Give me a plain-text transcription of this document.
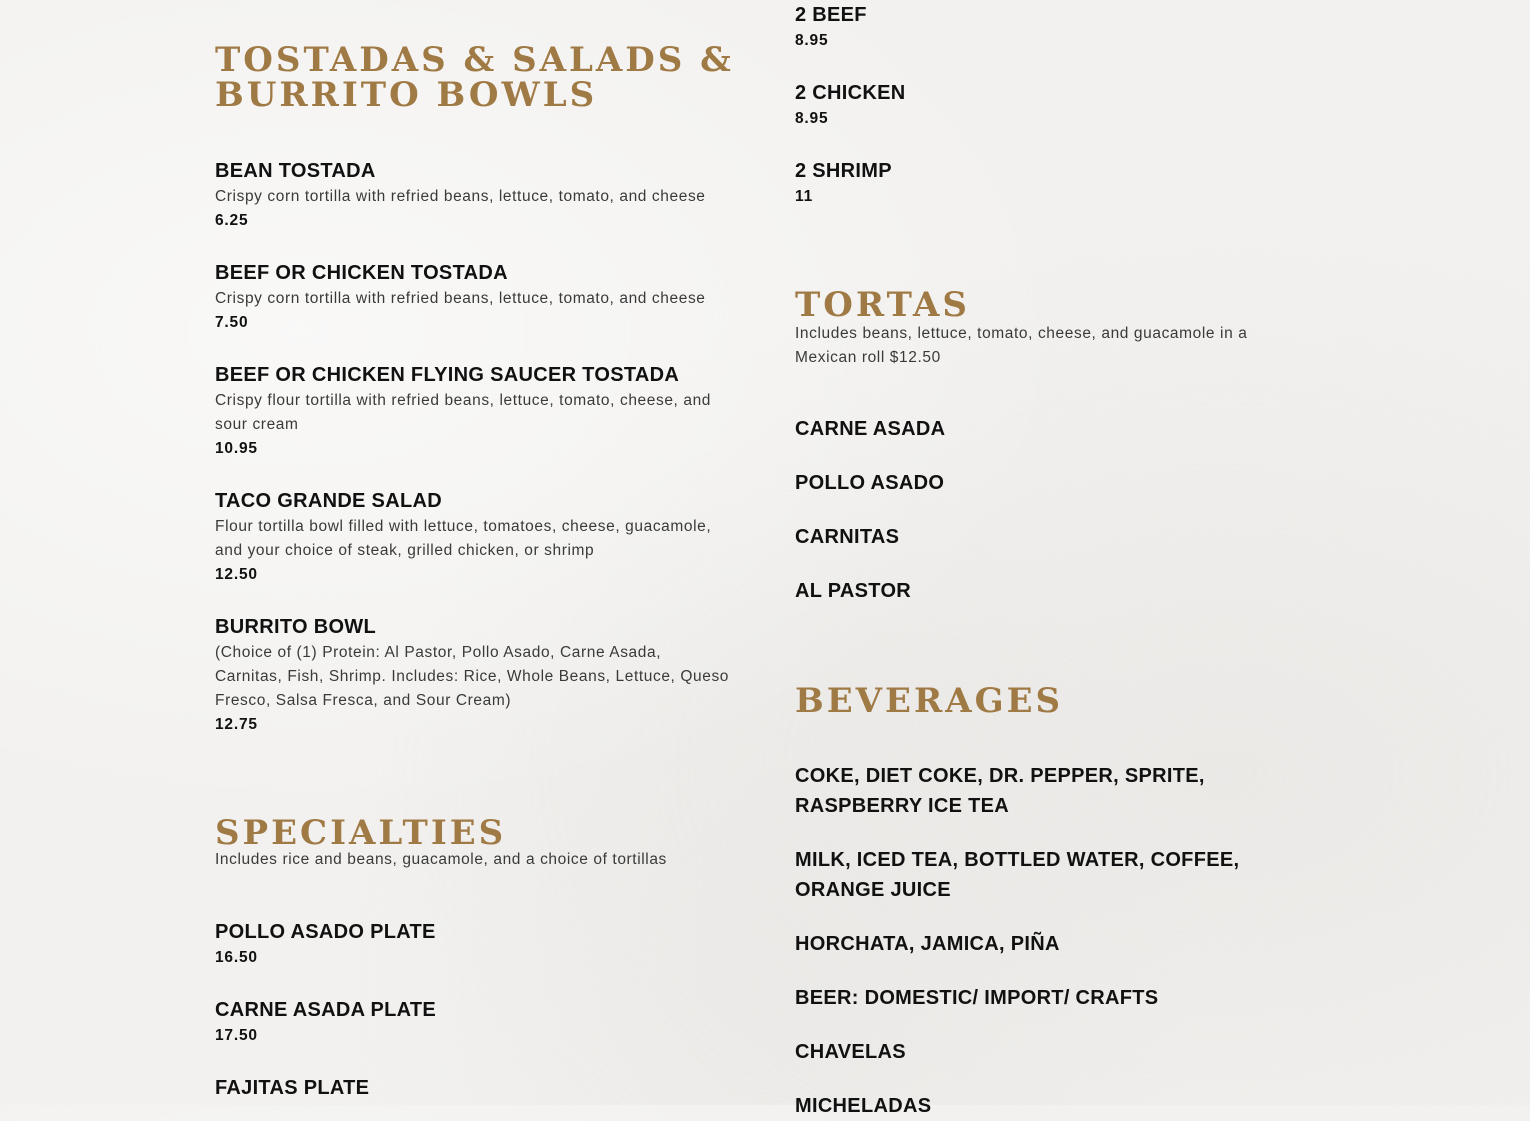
TOSTADAS & SALADS &
BURRITO BOWLS

BEAN TOSTADA

Crispy corn tortilla with refried beans, lettuce, tomato, and cheese

6.25

BEEF OR CHICKEN TOSTADA

Crispy corn tortilla with refried beans, lettuce, tomato, and cheese

7.50

BEEF OR CHICKEN FLYING SAUCER TOSTADA

Crispy flour tortilla with refried beans, lettuce, tomato, cheese, and
sour cream

10.95

TACO GRANDE SALAD

Flour tortilla bowl filled with lettuce, tomatoes, cheese, guacamole,
and your choice of steak, grilled chicken, or shrimp

12.50

BURRITO BOWL

(Choice of (1) Protein: Al Pastor, Pollo Asado, Carne Asada,
Carnitas, Fish, Shrimp. Includes: Rice, Whole Beans, Lettuce, Queso
Fresco, Salsa Fresca, and Sour Cream)

12.75

SPECIALTIES

Includes rice and beans, guacamole, and a choice of tortillas

POLLO ASADO PLATE

16.50

CARNE ASADA PLATE

17.50

FAJITAS PLATE

2 BEEF

8.95

2 CHICKEN

8.95

2 SHRIMP

11

TORTAS

Includes beans, lettuce, tomato, cheese, and guacamole in a
Mexican roll $12.50

CARNE ASADA

POLLO ASADO

CARNITAS

AL PASTOR

BEVERAGES

COKE, DIET COKE, DR. PEPPER, SPRITE,
RASPBERRY ICE TEA

MILK, ICED TEA, BOTTLED WATER, COFFEE,
ORANGE JUICE

HORCHATA, JAMICA, PIÑA

BEER: DOMESTIC/ IMPORT/ CRAFTS

CHAVELAS

MICHELADAS
